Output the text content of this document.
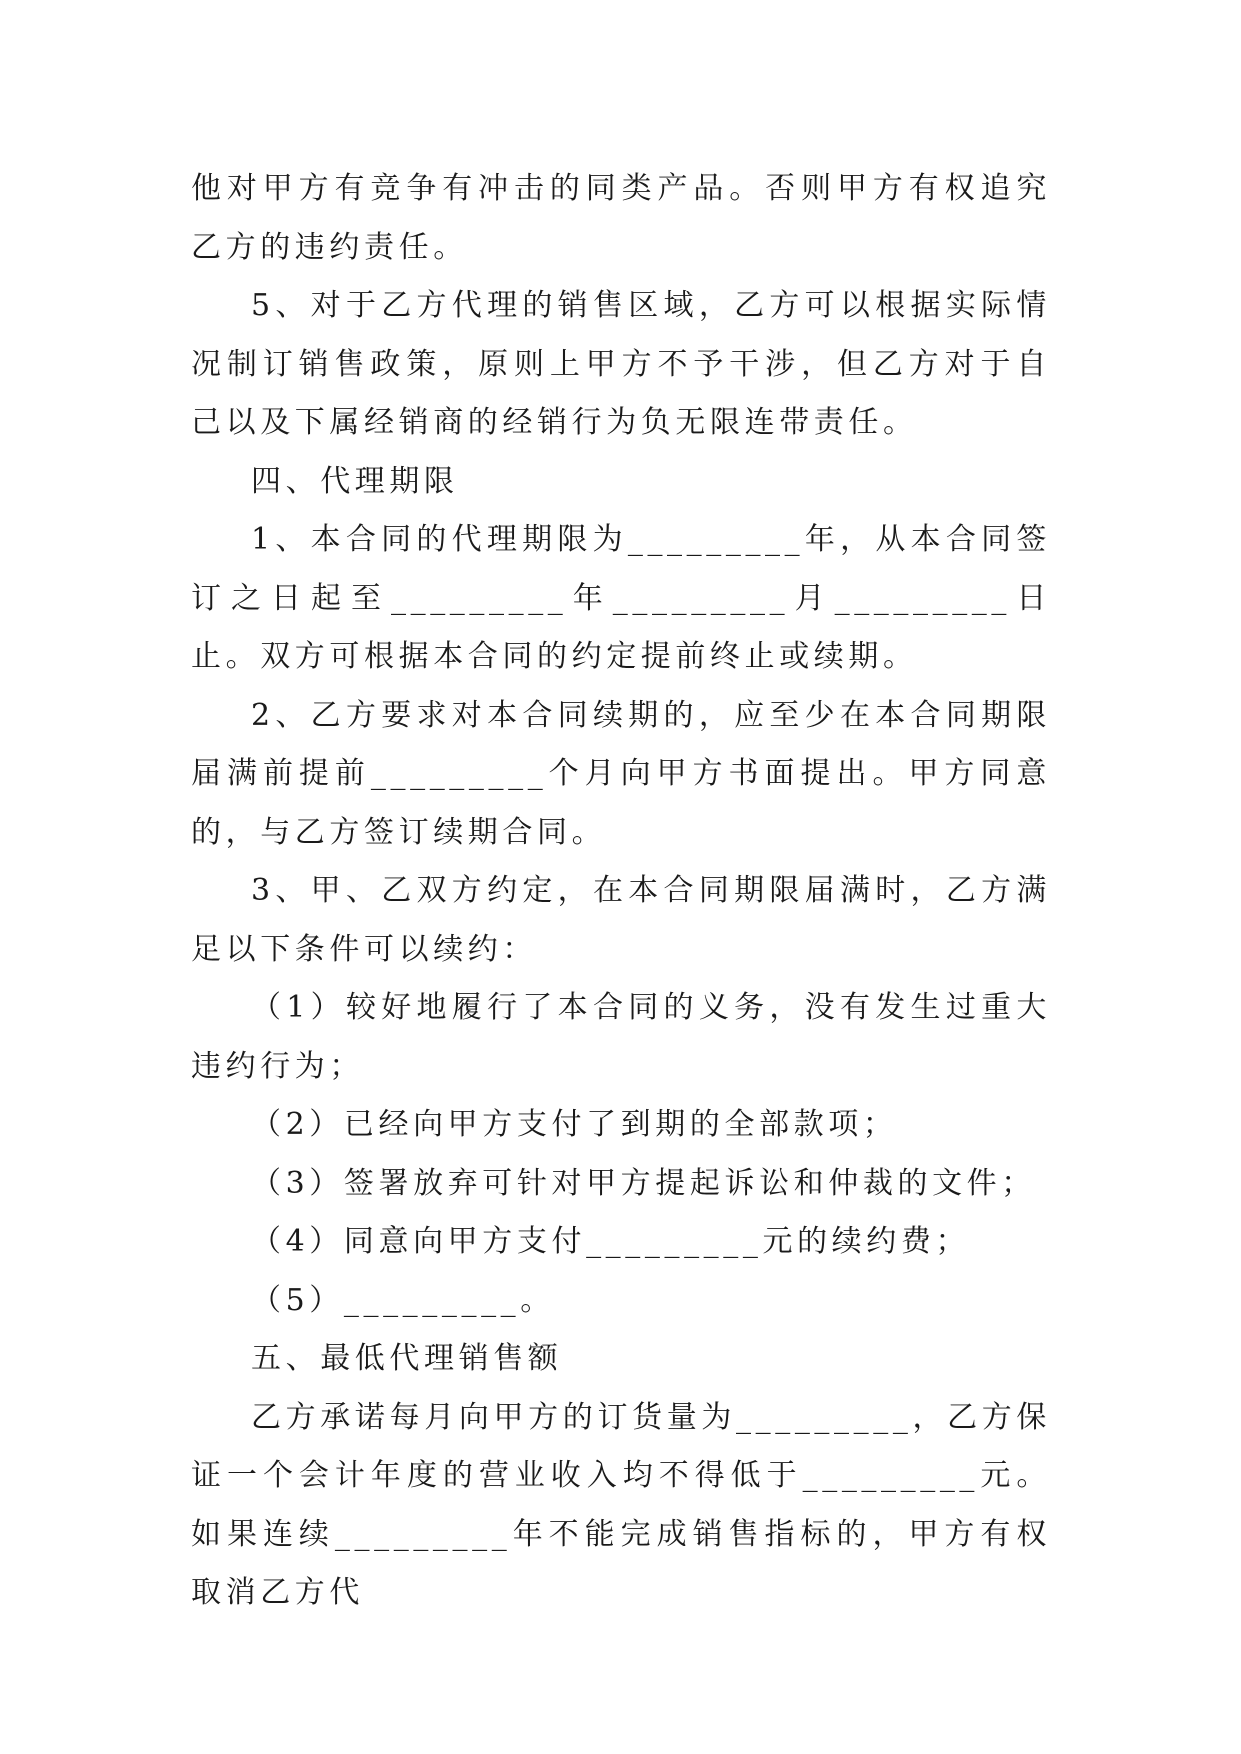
他对甲方有竞争有冲击的同类产品。否则甲方有权追究乙方的违约责任。

5、对于乙方代理的销售区域，乙方可以根据实际情况制订销售政策，原则上甲方不予干涉，但乙方对于自己以及下属经销商的经销行为负无限连带责任。

四、代理期限

1、本合同的代理期限为_________年，从本合同签订之日起至_________年_________月_________日止。双方可根据本合同的约定提前终止或续期。

2、乙方要求对本合同续期的，应至少在本合同期限届满前提前_________个月向甲方书面提出。甲方同意的，与乙方签订续期合同。

3、甲、乙双方约定，在本合同期限届满时，乙方满足以下条件可以续约：

（1）较好地履行了本合同的义务，没有发生过重大违约行为；

（2）已经向甲方支付了到期的全部款项；

（3）签署放弃可针对甲方提起诉讼和仲裁的文件；

（4）同意向甲方支付_________元的续约费；

（5）_________。

五、最低代理销售额

乙方承诺每月向甲方的订货量为_________，乙方保证一个会计年度的营业收入均不得低于_________元。如果连续_________年不能完成销售指标的，甲方有权取消乙方代
